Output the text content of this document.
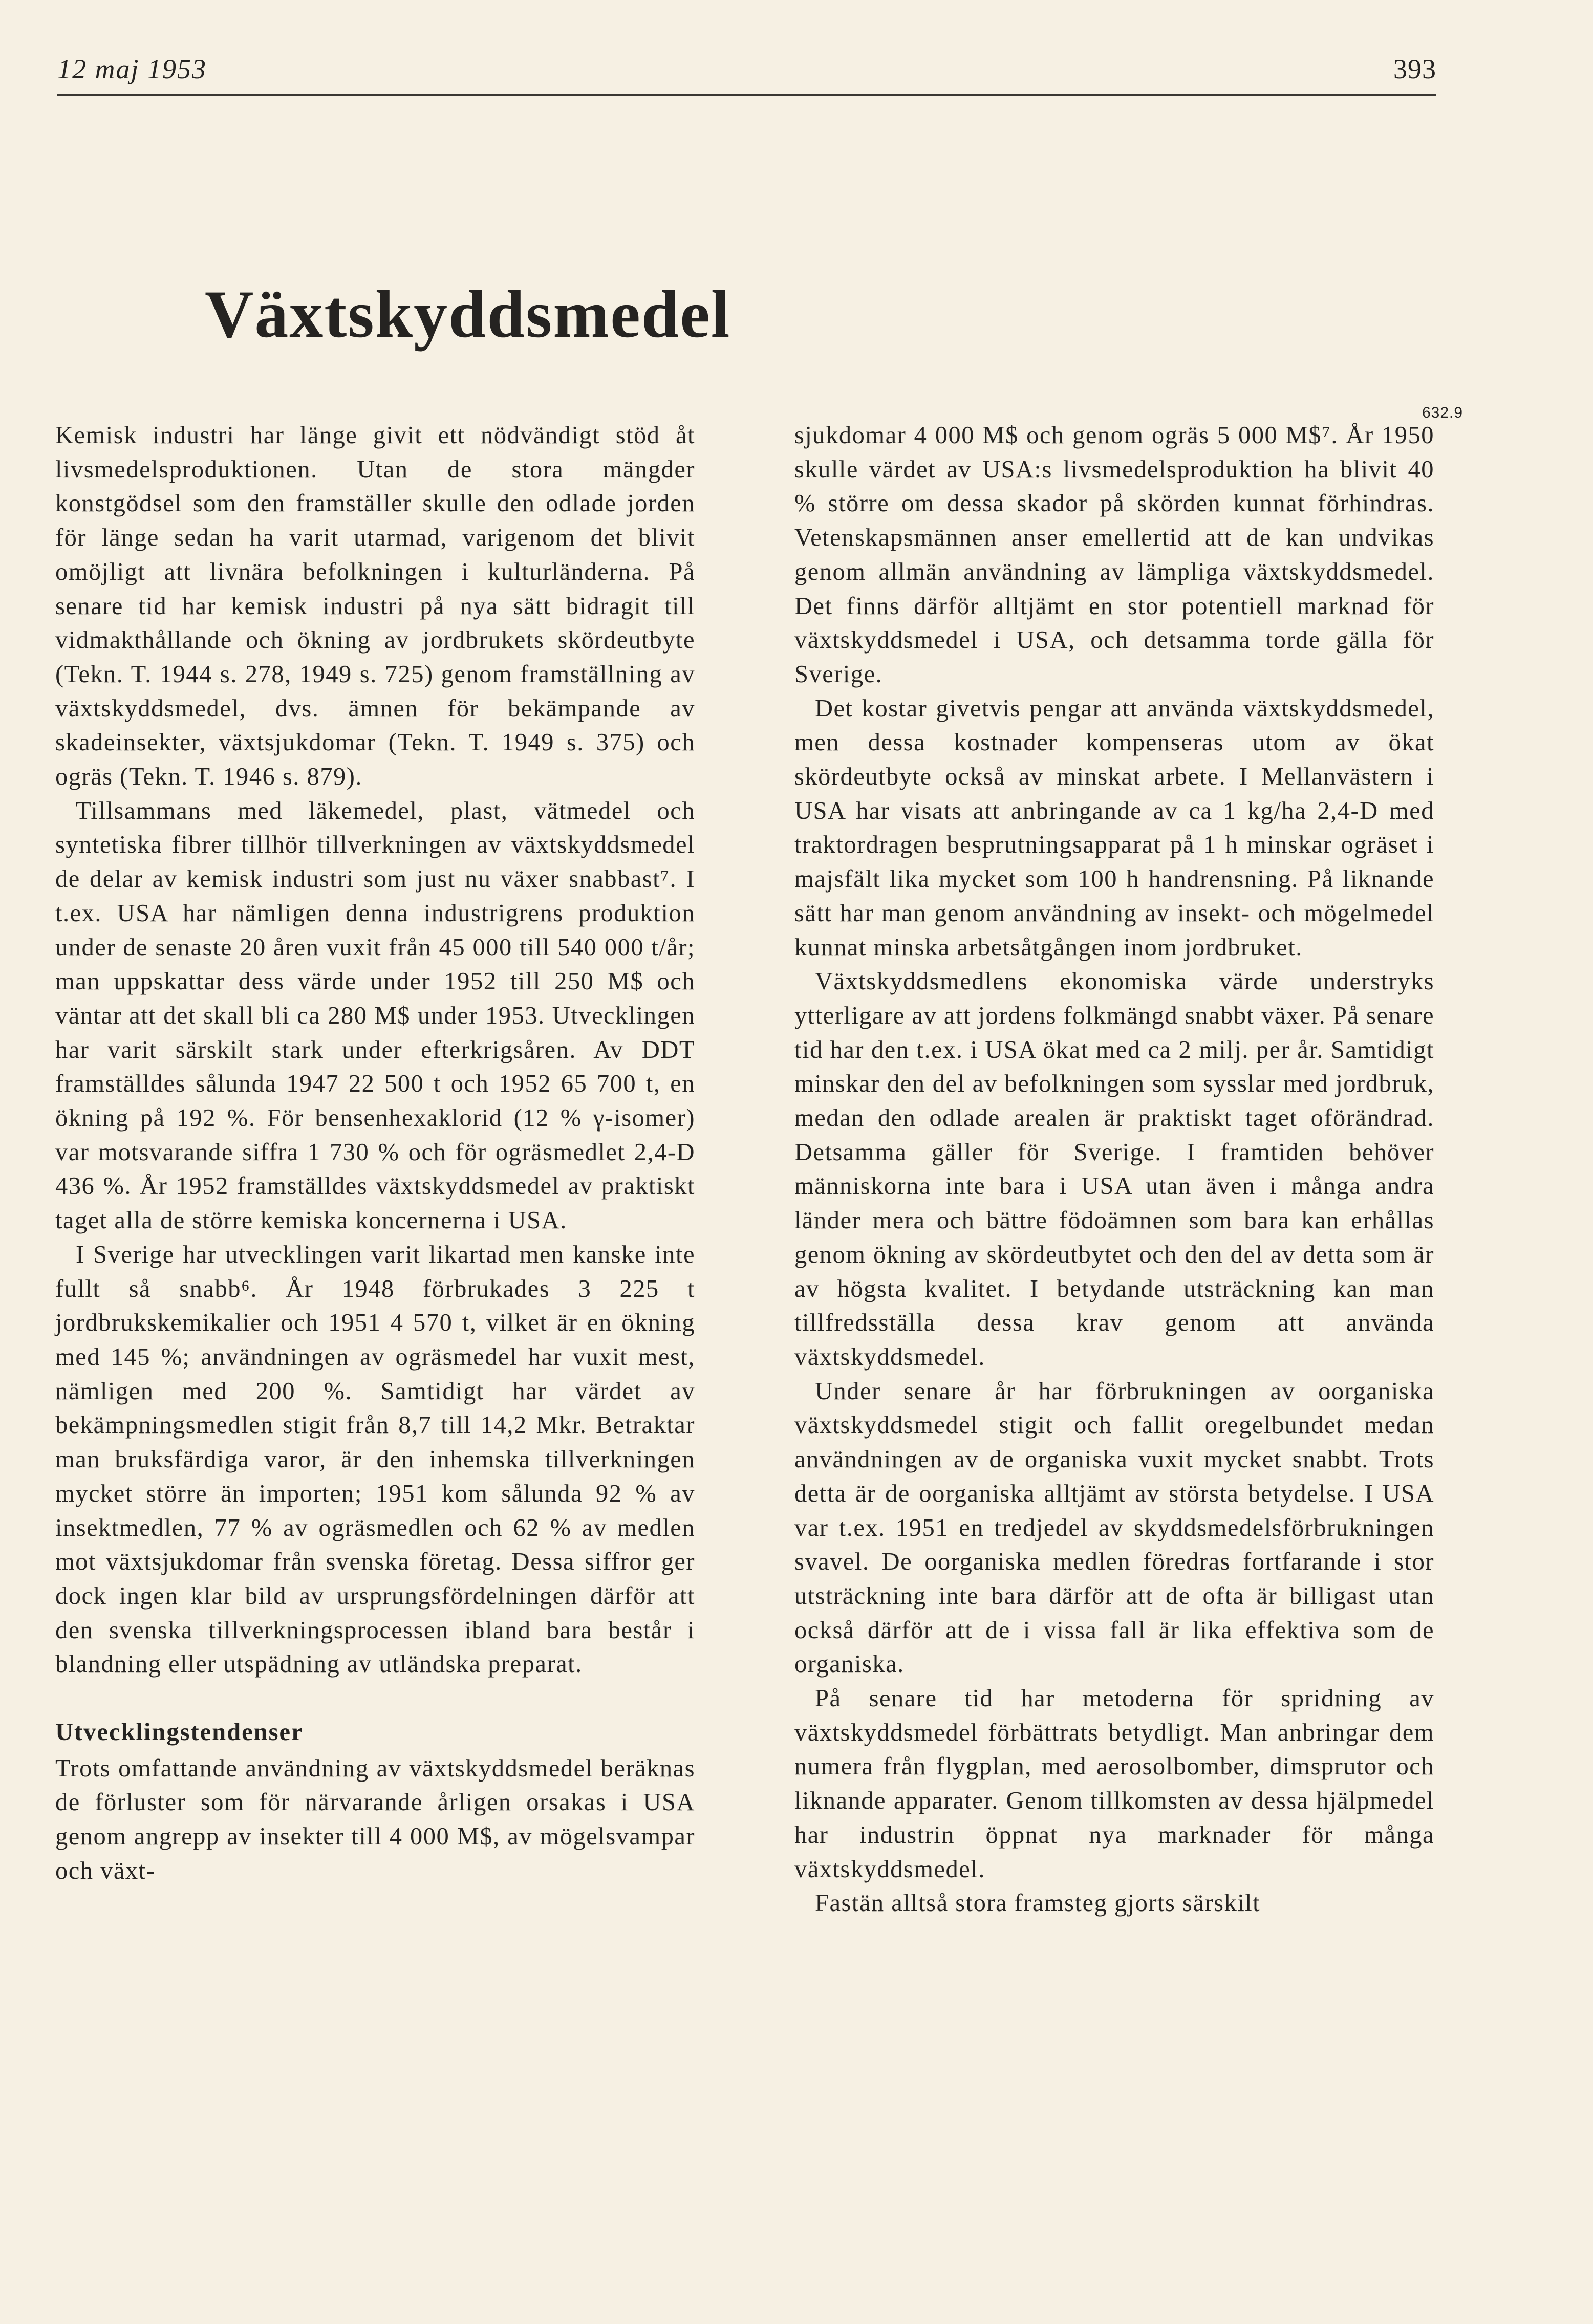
12 maj 1953	393
Växtskyddsmedel
632.9

Kemisk industri har länge givit ett nödvändigt stöd åt livsmedelsproduktionen. Utan de stora mängder konstgödsel som den framställer skulle den odlade jorden för länge sedan ha varit utarmad, varigenom det blivit omöjligt att livnära befolkningen i kulturländerna. På senare tid har kemisk industri på nya sätt bidragit till vidmakthållande och ökning av jordbrukets skördeutbyte (Tekn. T. 1944 s. 278, 1949 s. 725) genom framställning av växtskyddsmedel, dvs. ämnen för bekämpande av skadeinsekter, växtsjukdomar (Tekn. T. 1949 s. 375) och ogräs (Tekn. T. 1946 s. 879).

Tillsammans med läkemedel, plast, vätmedel och syntetiska fibrer tillhör tillverkningen av växtskyddsmedel de delar av kemisk industri som just nu växer snabbast⁷. I t.ex. USA har nämligen denna industrigrens produktion under de senaste 20 åren vuxit från 45 000 till 540 000 t/år; man uppskattar dess värde under 1952 till 250 M$ och väntar att det skall bli ca 280 M$ under 1953. Utvecklingen har varit särskilt stark under efterkrigsåren. Av DDT framställdes sålunda 1947 22 500 t och 1952 65 700 t, en ökning på 192 %. För bensenhexaklorid (12 % γ-isomer) var motsvarande siffra 1 730 % och för ogräsmedlet 2,4-D 436 %. År 1952 framställdes växtskyddsmedel av praktiskt taget alla de större kemiska koncernerna i USA.

I Sverige har utvecklingen varit likartad men kanske inte fullt så snabb⁶. År 1948 förbrukades 3 225 t jordbrukskemikalier och 1951 4 570 t, vilket är en ökning med 145 %; användningen av ogräsmedel har vuxit mest, nämligen med 200 %. Samtidigt har värdet av bekämpningsmedlen stigit från 8,7 till 14,2 Mkr. Betraktar man bruksfärdiga varor, är den inhemska tillverkningen mycket större än importen; 1951 kom sålunda 92 % av insektmedlen, 77 % av ogräsmedlen och 62 % av medlen mot växtsjukdomar från svenska företag. Dessa siffror ger dock ingen klar bild av ursprungsfördelningen därför att den svenska tillverkningsprocessen ibland bara består i blandning eller utspädning av utländska preparat.

Utvecklingstendenser

Trots omfattande användning av växtskyddsmedel beräknas de förluster som för närvarande årligen orsakas i USA genom angrepp av insekter till 4 000 M$, av mögelsvampar och växt-

sjukdomar 4 000 M$ och genom ogräs 5 000 M$⁷. År 1950 skulle värdet av USA:s livsmedelsproduktion ha blivit 40 % större om dessa skador på skörden kunnat förhindras. Vetenskapsmännen anser emellertid att de kan undvikas genom allmän användning av lämpliga växtskyddsmedel. Det finns därför alltjämt en stor potentiell marknad för växtskyddsmedel i USA, och detsamma torde gälla för Sverige.

Det kostar givetvis pengar att använda växtskyddsmedel, men dessa kostnader kompenseras utom av ökat skördeutbyte också av minskat arbete. I Mellanvästern i USA har visats att anbringande av ca 1 kg/ha 2,4-D med traktordragen besprutningsapparat på 1 h minskar ogräset i majsfält lika mycket som 100 h handrensning. På liknande sätt har man genom användning av insekt- och mögelmedel kunnat minska arbetsåtgången inom jordbruket.

Växtskyddsmedlens ekonomiska värde understryks ytterligare av att jordens folkmängd snabbt växer. På senare tid har den t.ex. i USA ökat med ca 2 milj. per år. Samtidigt minskar den del av befolkningen som sysslar med jordbruk, medan den odlade arealen är praktiskt taget oförändrad. Detsamma gäller för Sverige. I framtiden behöver människorna inte bara i USA utan även i många andra länder mera och bättre födoämnen som bara kan erhållas genom ökning av skördeutbytet och den del av detta som är av högsta kvalitet. I betydande utsträckning kan man tillfredsställa dessa krav genom att använda växtskyddsmedel.

Under senare år har förbrukningen av oorganiska växtskyddsmedel stigit och fallit oregelbundet medan användningen av de organiska vuxit mycket snabbt. Trots detta är de oorganiska alltjämt av största betydelse. I USA var t.ex. 1951 en tredjedel av skyddsmedelsförbrukningen svavel. De oorganiska medlen föredras fortfarande i stor utsträckning inte bara därför att de ofta är billigast utan också därför att de i vissa fall är lika effektiva som de organiska.

På senare tid har metoderna för spridning av växtskyddsmedel förbättrats betydligt. Man anbringar dem numera från flygplan, med aerosolbomber, dimsprutor och liknande apparater. Genom tillkomsten av dessa hjälpmedel har industrin öppnat nya marknader för många växtskyddsmedel.

Fastän alltså stora framsteg gjorts särskilt
